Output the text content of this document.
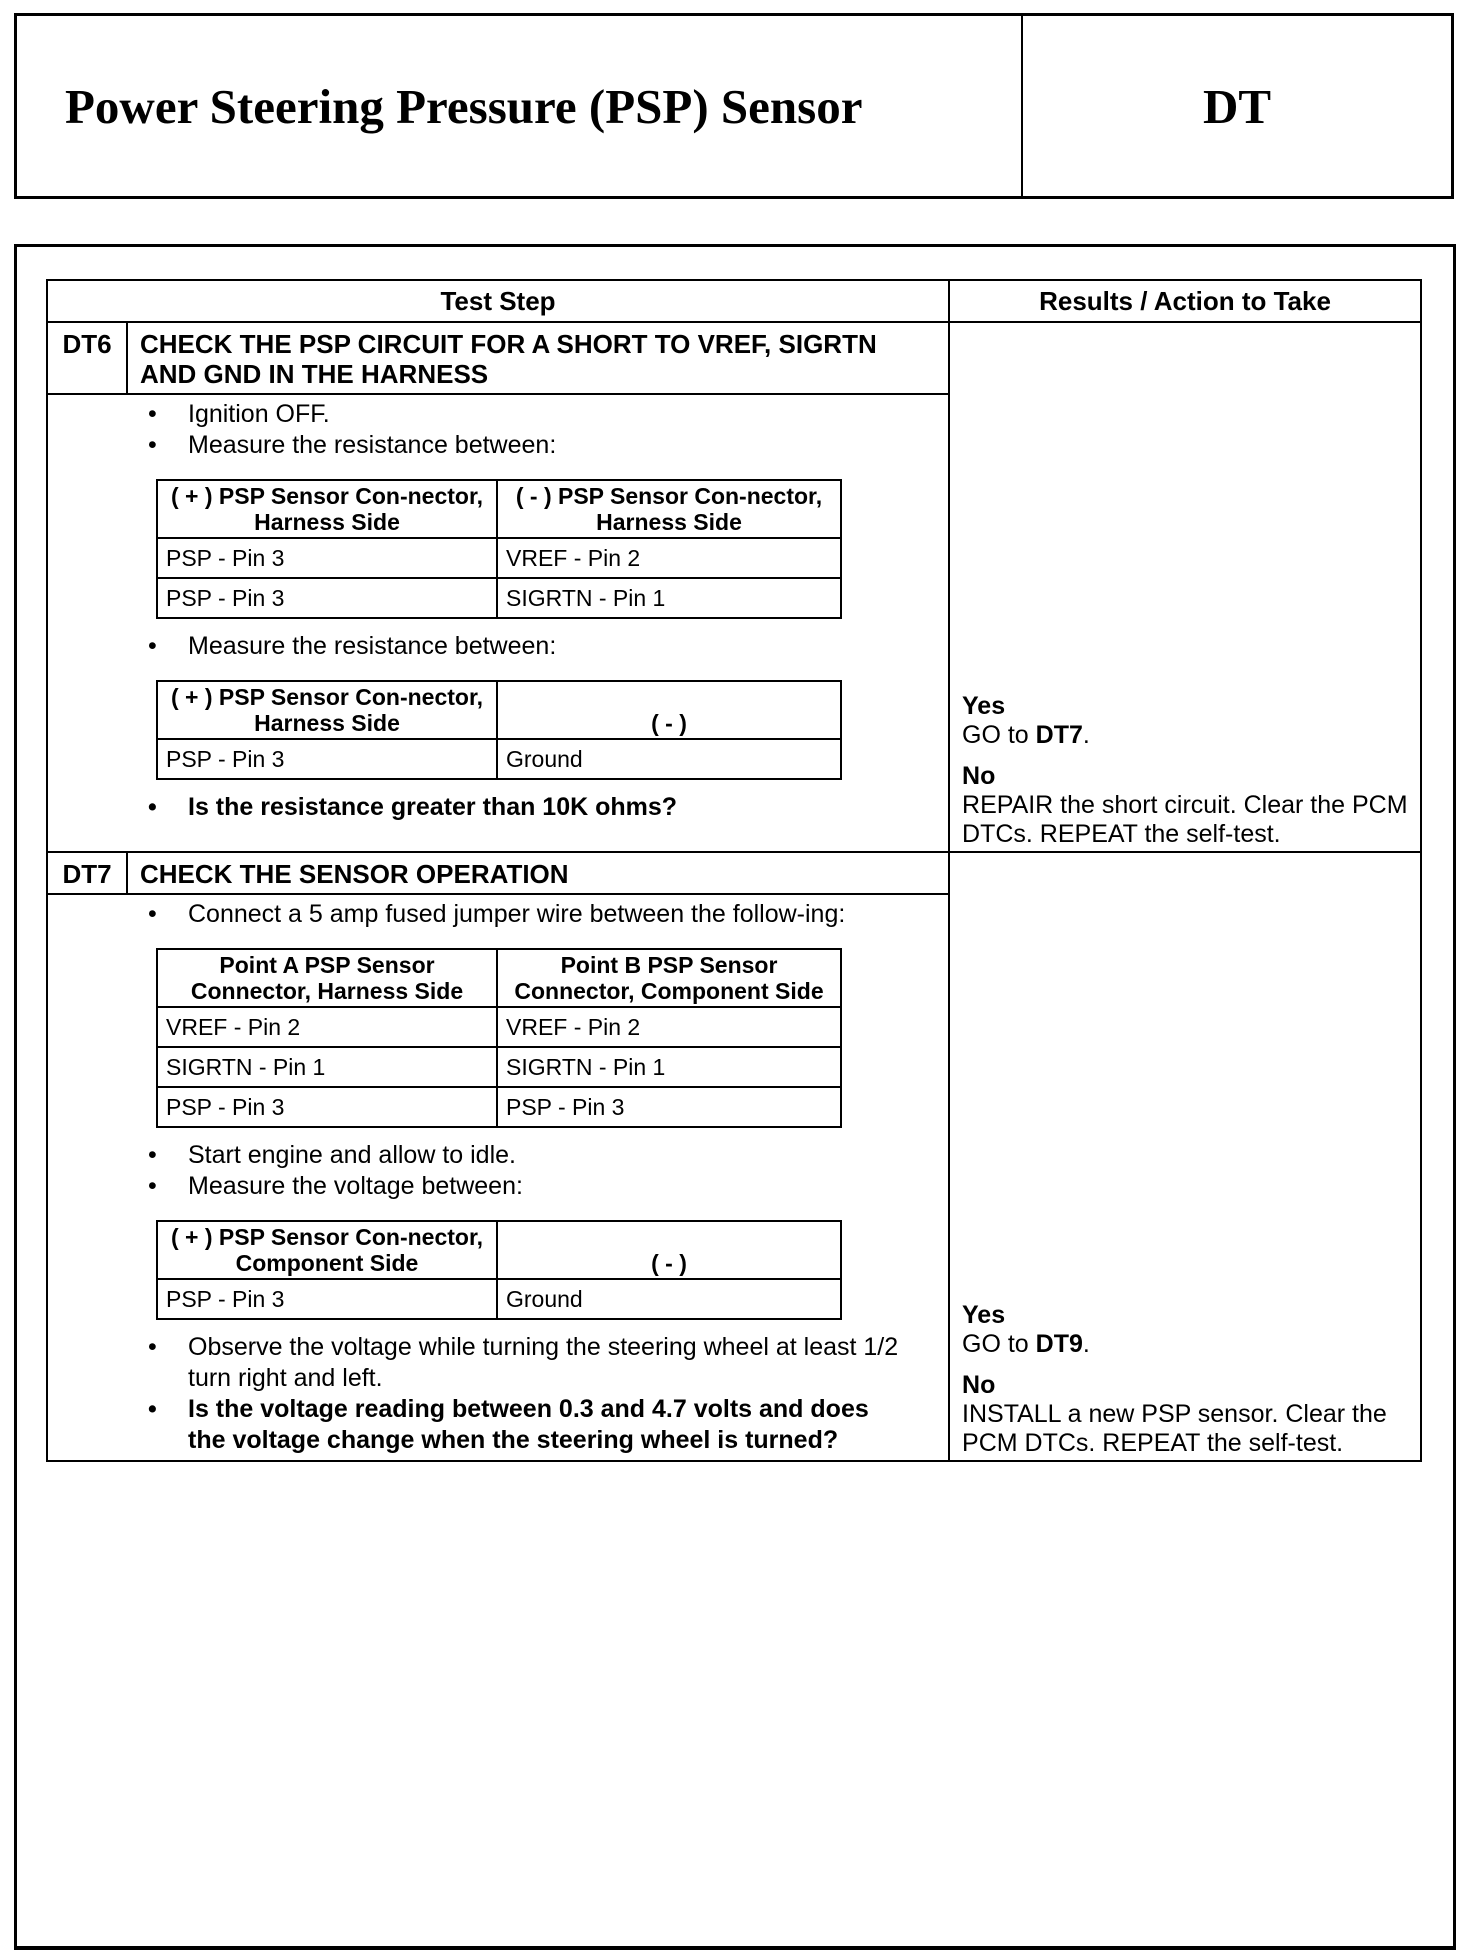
Power Steering Pressure (PSP) Sensor	DT
Test Step	Results / Action to Take
DT6	CHECK THE PSP CIRCUIT FOR A SHORT TO VREF, SIGRTN AND GND IN THE HARNESS	
Yes
GO to DT7.
No
REPAIR the short circuit. Clear the PCM DTCs. REPEAT the self-test.

• Ignition OFF.
• Measure the resistance between:
( + ) PSP Sensor Con-nector, Harness Side	( - ) PSP Sensor Con-nector, Harness Side
PSP - Pin 3	VREF - Pin 2
PSP - Pin 3	SIGRTN - Pin 1
• Measure the resistance between:
( + ) PSP Sensor Con-nector, Harness Side	( - )
PSP - Pin 3	Ground
• Is the resistance greater than 10K ohms?

DT7	CHECK THE SENSOR OPERATION	
Yes
GO to DT9.
No
INSTALL a new PSP sensor. Clear the PCM DTCs. REPEAT the self-test.

• Connect a 5 amp fused jumper wire between the follow-ing:
Point A PSP Sensor Connector, Harness Side	Point B PSP Sensor Connector, Component Side
VREF - Pin 2	VREF - Pin 2
SIGRTN - Pin 1	SIGRTN - Pin 1
PSP - Pin 3	PSP - Pin 3
• Start engine and allow to idle.
• Measure the voltage between:
( + ) PSP Sensor Con-nector, Component Side	( - )
PSP - Pin 3	Ground
• Observe the voltage while turning the steering wheel at least 1/2 turn right and left.
• Is the voltage reading between 0.3 and 4.7 volts and does the voltage change when the steering wheel is turned?
